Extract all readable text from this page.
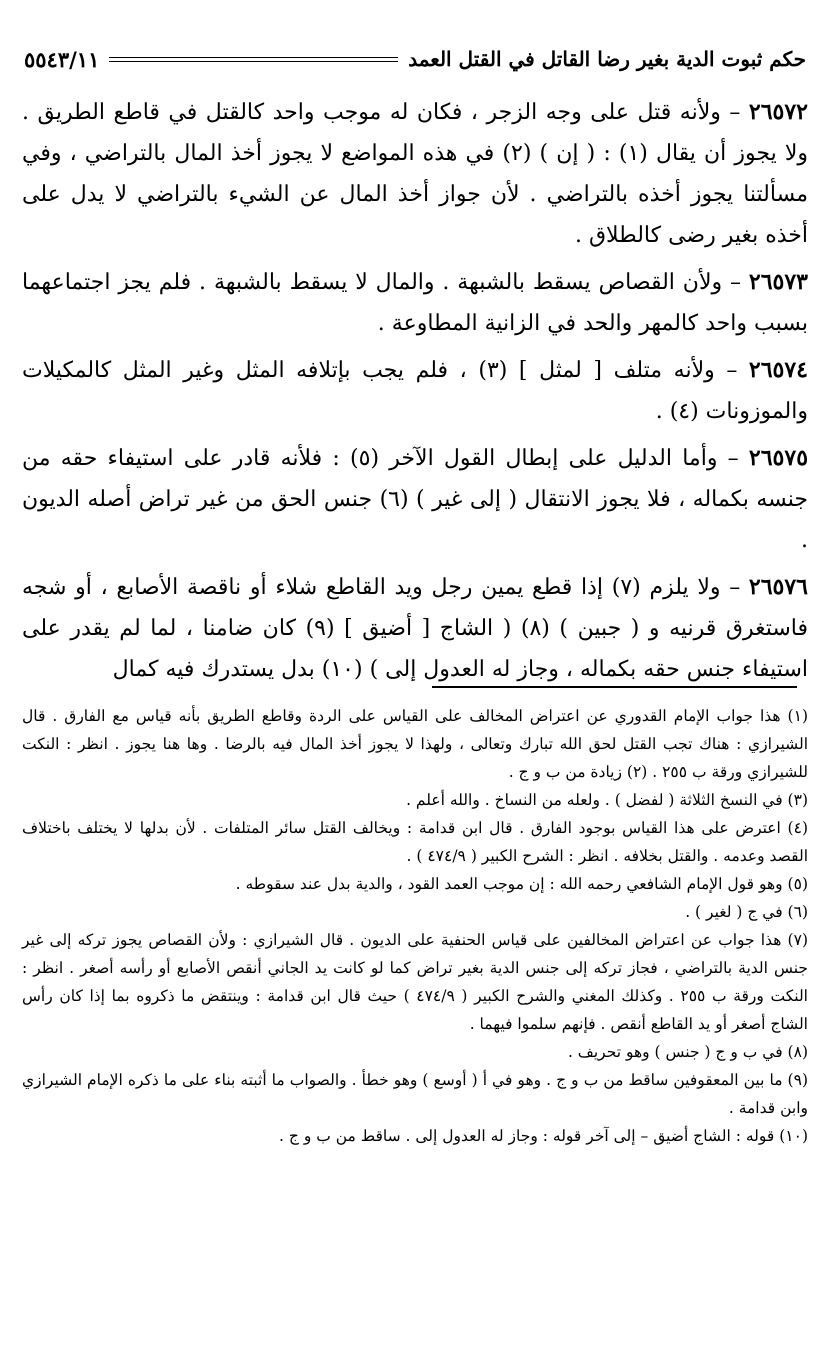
حكم ثبوت الدية بغير رضا القاتل في القتل العمد
٥٥٤٣/١١

٢٦٥٧٢ – ولأنه قتل على وجه الزجر ، فكان له موجب واحد كالقتل في قاطع الطريق . ولا يجوز أن يقال (١) : ( إن ) (٢) في هذه المواضع لا يجوز أخذ المال بالتراضي ، وفي مسألتنا يجوز أخذه بالتراضي . لأن جواز أخذ المال عن الشيء بالتراضي لا يدل على أخذه بغير رضى كالطلاق .

٢٦٥٧٣ – ولأن القصاص يسقط بالشبهة . والمال لا يسقط بالشبهة . فلم يجز اجتماعهما بسبب واحد كالمهر والحد في الزانية المطاوعة .

٢٦٥٧٤ – ولأنه متلف [ لمثل ] (٣) ، فلم يجب بإتلافه المثل وغير المثل كالمكيلات والموزونات (٤) .

٢٦٥٧٥ – وأما الدليل على إبطال القول الآخر (٥) : فلأنه قادر على استيفاء حقه من جنسه بكماله ، فلا يجوز الانتقال ( إلى غير ) (٦) جنس الحق من غير تراض أصله الديون .

٢٦٥٧٦ – ولا يلزم (٧) إذا قطع يمين رجل ويد القاطع شلاء أو ناقصة الأصابع ، أو شجه فاستغرق قرنيه و ( جبين ) (٨) ( الشاج [ أضيق ] (٩) كان ضامنا ، لما لم يقدر على استيفاء جنس حقه بكماله ، وجاز له العدول إلى ) (١٠) بدل يستدرك فيه كمال

(١) هذا جواب الإمام القدوري عن اعتراض المخالف على القياس على الردة وقاطع الطريق بأنه قياس مع الفارق . قال الشيرازي : هناك تجب القتل لحق الله تبارك وتعالى ، ولهذا لا يجوز أخذ المال فيه بالرضا . وها هنا يجوز . انظر : النكت للشيرازي ورقة ب ٢٥٥ . (٢) زيادة من ب و ج .

(٣) في النسخ الثلاثة ( لفضل ) . ولعله من النساخ . والله أعلم .

(٤) اعترض على هذا القياس بوجود الفارق . قال ابن قدامة : ويخالف القتل سائر المتلفات . لأن بدلها لا يختلف باختلاف القصد وعدمه . والقتل بخلافه . انظر : الشرح الكبير ( ٤٧٤/٩ ) .

(٥) وهو قول الإمام الشافعي رحمه الله : إن موجب العمد القود ، والدية بدل عند سقوطه .

(٦) في ج ( لغير ) .

(٧) هذا جواب عن اعتراض المخالفين على قياس الحنفية على الديون . قال الشيرازي : ولأن القصاص يجوز تركه إلى غير جنس الدية بالتراضي ، فجاز تركه إلى جنس الدية بغير تراض كما لو كانت يد الجاني أنقص الأصابع أو رأسه أصغر . انظر : النكت ورقة ب ٢٥٥ . وكذلك المغني والشرح الكبير ( ٤٧٤/٩ ) حيث قال ابن قدامة : وينتقض ما ذكروه بما إذا كان رأس الشاج أصغر أو يد القاطع أنقص . فإنهم سلموا فيهما .

(٨) في ب و ج ( جنس ) وهو تحريف .

(٩) ما بين المعقوفين ساقط من ب و ج . وهو في أ ( أوسع ) وهو خطأ . والصواب ما أثبته بناء على ما ذكره الإمام الشيرازي وابن قدامة .

(١٠) قوله : الشاج أضيق – إلى آخر قوله : وجاز له العدول إلى . ساقط من ب و ج .
